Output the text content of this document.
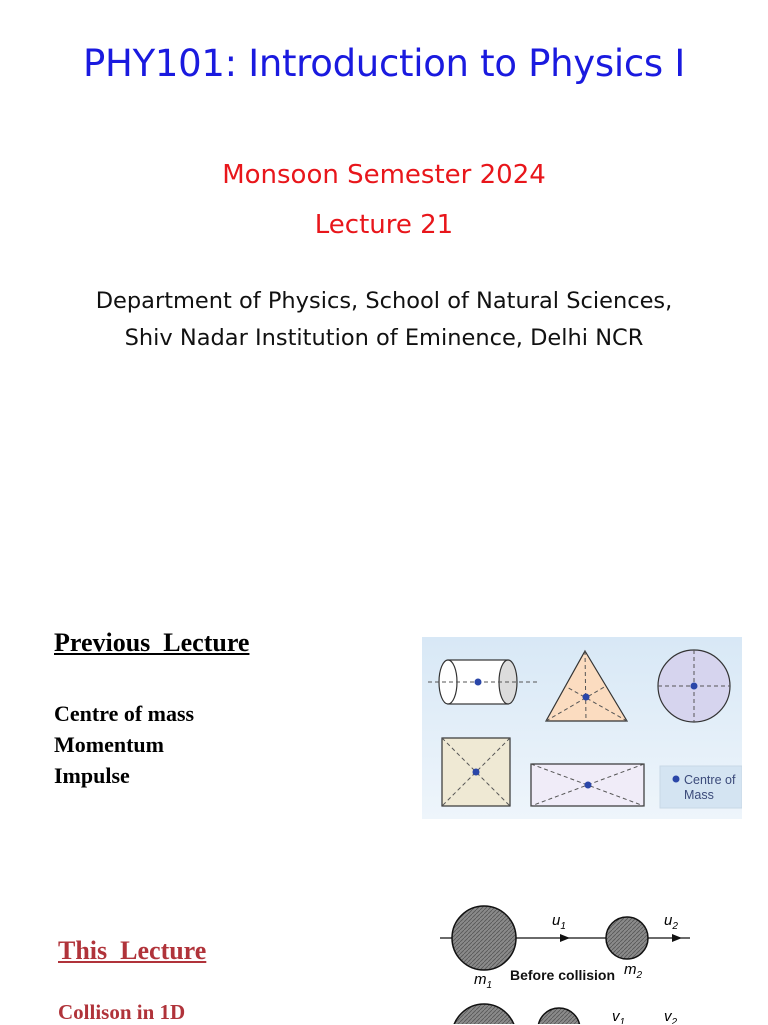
PHY101: Introduction to Physics I
Monsoon Semester 2024
Lecture 21
Department of Physics, School of Natural Sciences,
Shiv Nadar Institution of Eminence, Delhi NCR
Previous  Lecture
Centre of mass
Momentum
Impulse	Centre of
Mass
This  Lecture
Collison in 1D
$u_1$	$u_2$
$m_1$
$m_2$
Before collision
$v_1$	$v_2$
